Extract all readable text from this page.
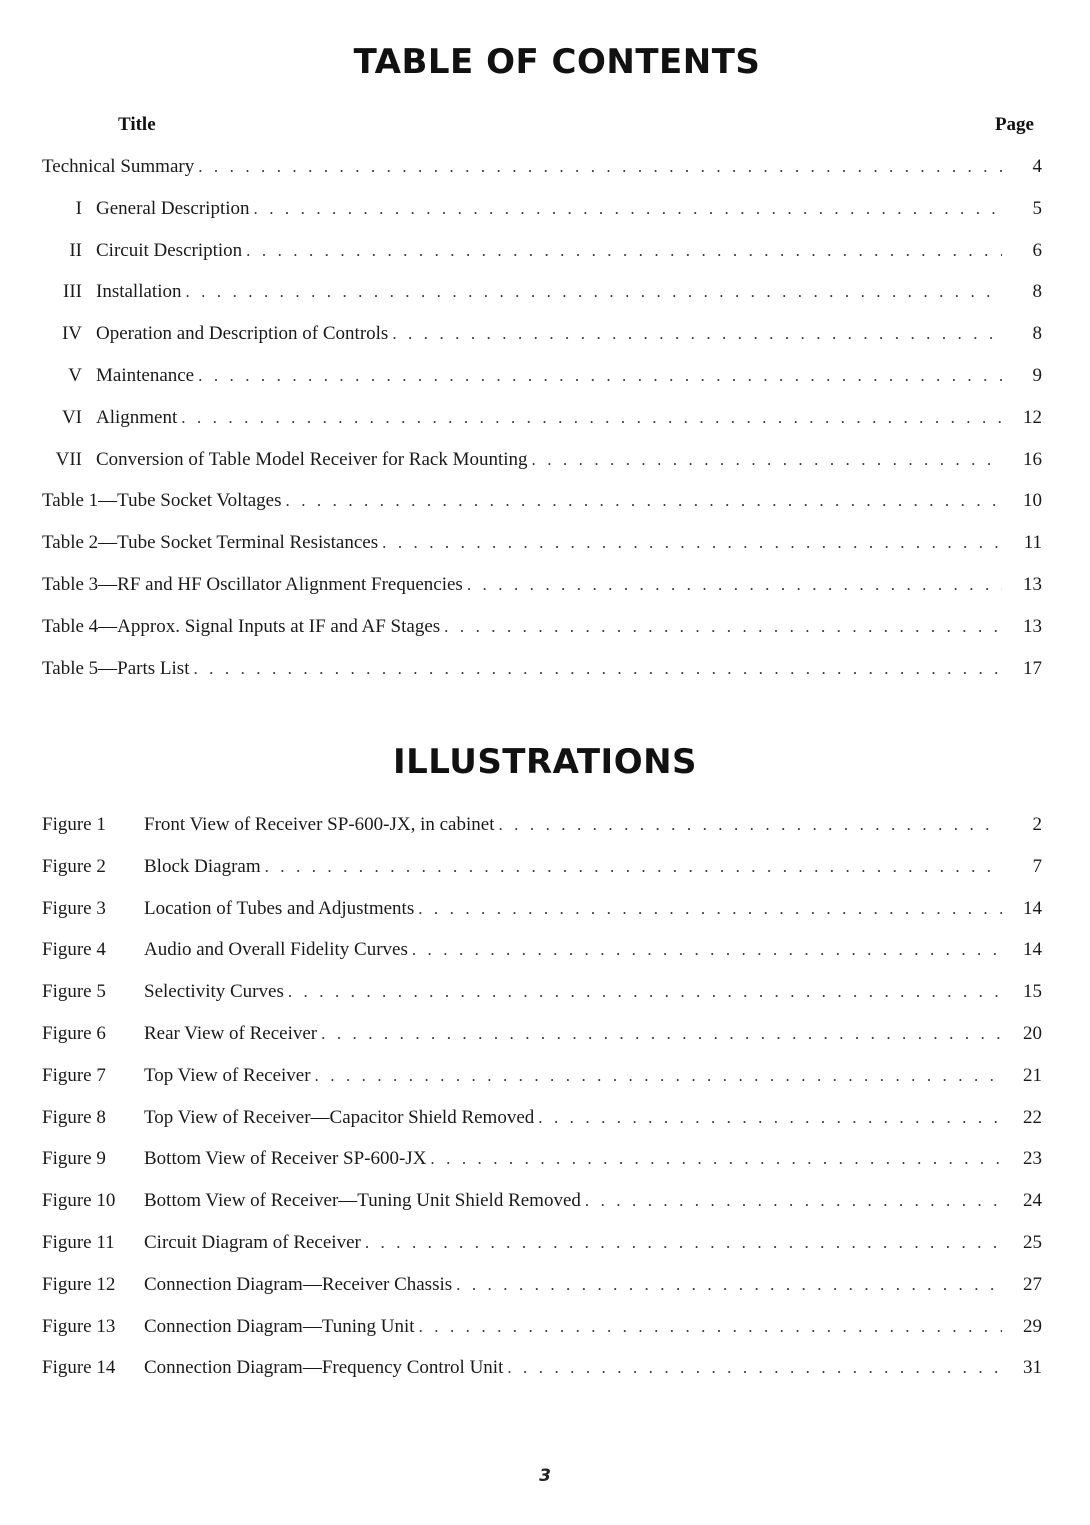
TABLE OF CONTENTS
Title	Page
Technical Summary . . .	4
I General Description . . .	5
II Circuit Description . . .	6
III Installation . . .	8
IV Operation and Description of Controls . . .	8
V Maintenance . . .	9
VI Alignment . . .	12
VII Conversion of Table Model Receiver for Rack Mounting . . .	16
Table 1—Tube Socket Voltages . . .	10
Table 2—Tube Socket Terminal Resistances . . .	11
Table 3—RF and HF Oscillator Alignment Frequencies . . .	13
Table 4—Approx. Signal Inputs at IF and AF Stages . . .	13
Table 5—Parts List . . .	17
ILLUSTRATIONS
Figure 1	Front View of Receiver SP-600-JX, in cabinet . . .	2
Figure 2	Block Diagram . . .	7
Figure 3	Location of Tubes and Adjustments . . .	14
Figure 4	Audio and Overall Fidelity Curves . . .	14
Figure 5	Selectivity Curves . . .	15
Figure 6	Rear View of Receiver . . .	20
Figure 7	Top View of Receiver . . .	21
Figure 8	Top View of Receiver—Capacitor Shield Removed . . .	22
Figure 9	Bottom View of Receiver SP-600-JX . . .	23
Figure 10	Bottom View of Receiver—Tuning Unit Shield Removed . . .	24
Figure 11	Circuit Diagram of Receiver . . .	25
Figure 12	Connection Diagram—Receiver Chassis . . .	27
Figure 13	Connection Diagram—Tuning Unit . . .	29
Figure 14	Connection Diagram—Frequency Control Unit . . .	31
3
